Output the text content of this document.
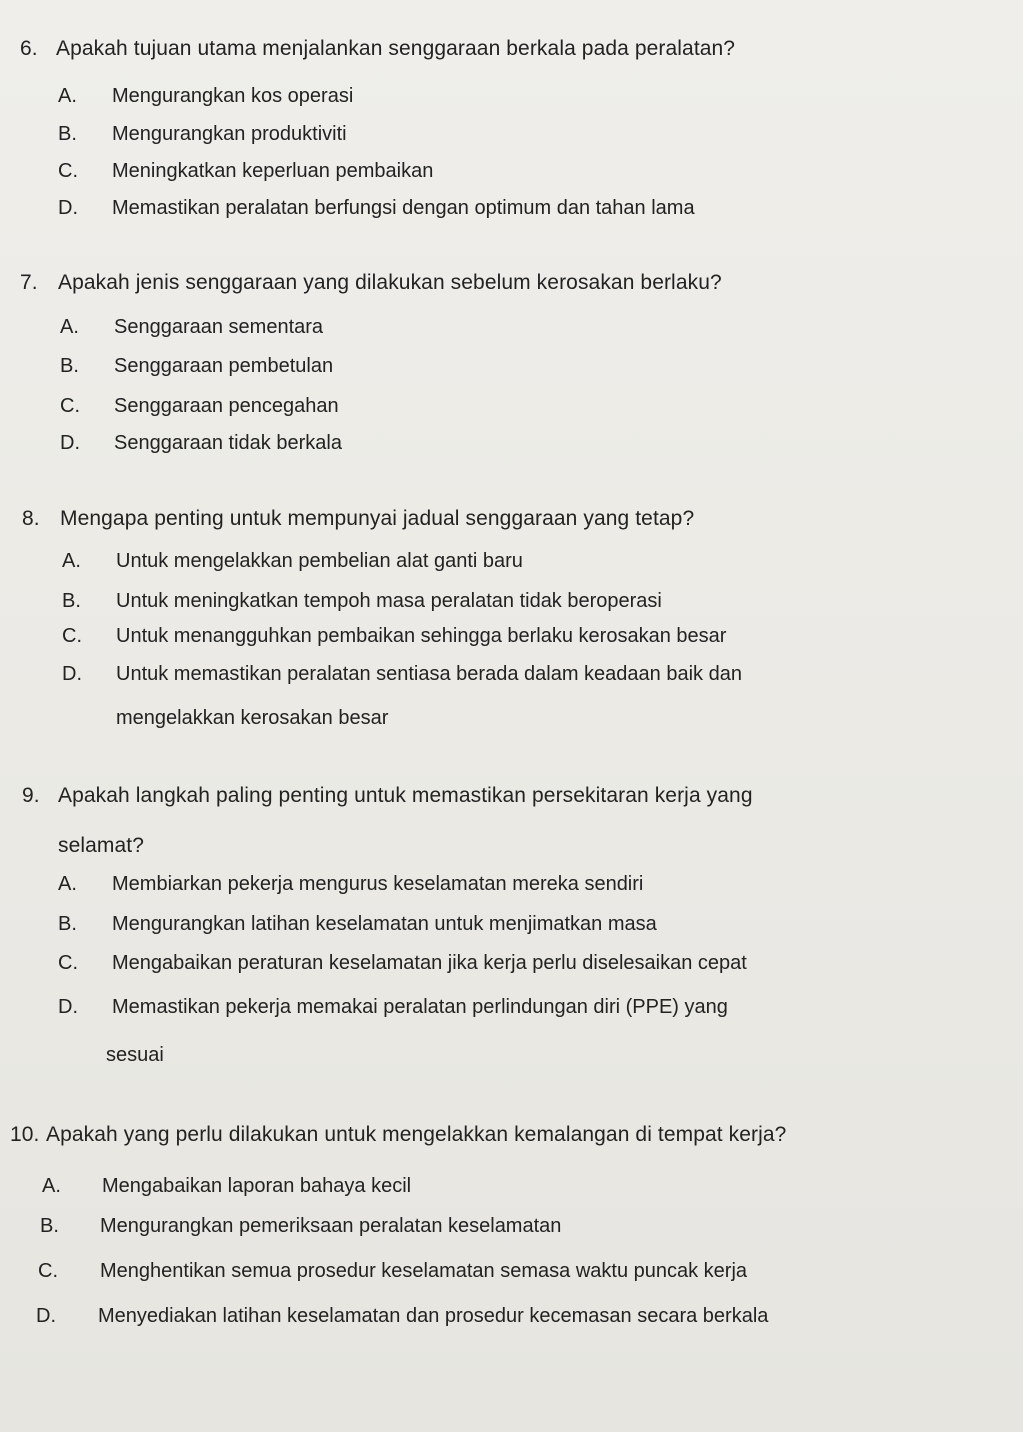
6. Apakah tujuan utama menjalankan senggaraan berkala pada peralatan?
A. Mengurangkan kos operasi
B. Mengurangkan produktiviti
C. Meningkatkan keperluan pembaikan
D. Memastikan peralatan berfungsi dengan optimum dan tahan lama
7. Apakah jenis senggaraan yang dilakukan sebelum kerosakan berlaku?
A. Senggaraan sementara
B. Senggaraan pembetulan
C. Senggaraan pencegahan
D. Senggaraan tidak berkala
8. Mengapa penting untuk mempunyai jadual senggaraan yang tetap?
A. Untuk mengelakkan pembelian alat ganti baru
B. Untuk meningkatkan tempoh masa peralatan tidak beroperasi
C. Untuk menangguhkan pembaikan sehingga berlaku kerosakan besar
D. Untuk memastikan peralatan sentiasa berada dalam keadaan baik dan
mengelakkan kerosakan besar
9. Apakah langkah paling penting untuk memastikan persekitaran kerja yang
selamat?
A. Membiarkan pekerja mengurus keselamatan mereka sendiri
B. Mengurangkan latihan keselamatan untuk menjimatkan masa
C. Mengabaikan peraturan keselamatan jika kerja perlu diselesaikan cepat
D. Memastikan pekerja memakai peralatan perlindungan diri (PPE) yang
sesuai
10. Apakah yang perlu dilakukan untuk mengelakkan kemalangan di tempat kerja?
A. Mengabaikan laporan bahaya kecil
B. Mengurangkan pemeriksaan peralatan keselamatan
C. Menghentikan semua prosedur keselamatan semasa waktu puncak kerja
D. Menyediakan latihan keselamatan dan prosedur kecemasan secara berkala
